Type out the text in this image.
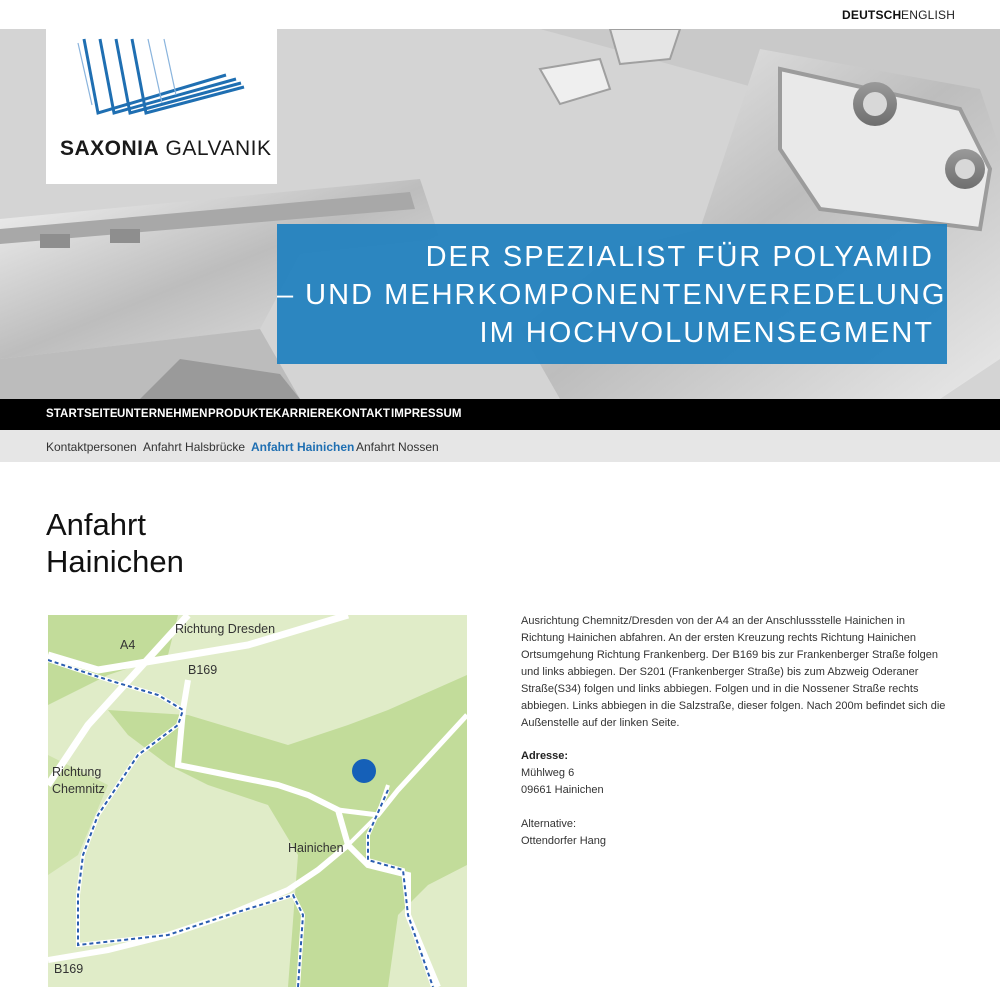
DEUTSCH ENGLISH
SAXONIA GALVANIK
DER SPEZIALIST FÜR POLYAMID
– UND MEHRKOMPONENTENVEREDELUNG
IM HOCHVOLUMENSEGMENT
STARTSEITE UNTERNEHMEN PRODUKTE KARRIERE KONTAKT IMPRESSUM
Kontaktpersonen Anfahrt Halsbrücke Anfahrt Hainichen Anfahrt Nossen
Anfahrt
Hainichen
A4
Richtung Dresden
B169
Richtung
Chemnitz
Hainichen
B169

Ausrichtung Chemnitz/Dresden von der A4 an der Anschlussstelle Hainichen in Richtung Hainichen abfahren. An der ersten Kreuzung rechts Richtung Hainichen Ortsumgehung Richtung Frankenberg. Der B169 bis zur Frankenberger Straße folgen und links abbiegen. Der S201 (Frankenberger Straße) bis zum Abzweig Oderaner Straße(S34) folgen und links abbiegen. Folgen und in die Nossener Straße rechts abbiegen. Links abbiegen in die Salzstraße, dieser folgen. Nach 200m befindet sich die Außenstelle auf der linken Seite.

Adresse:
Mühlweg 6
09661 Hainichen
Alternative:
Ottendorfer Hang
